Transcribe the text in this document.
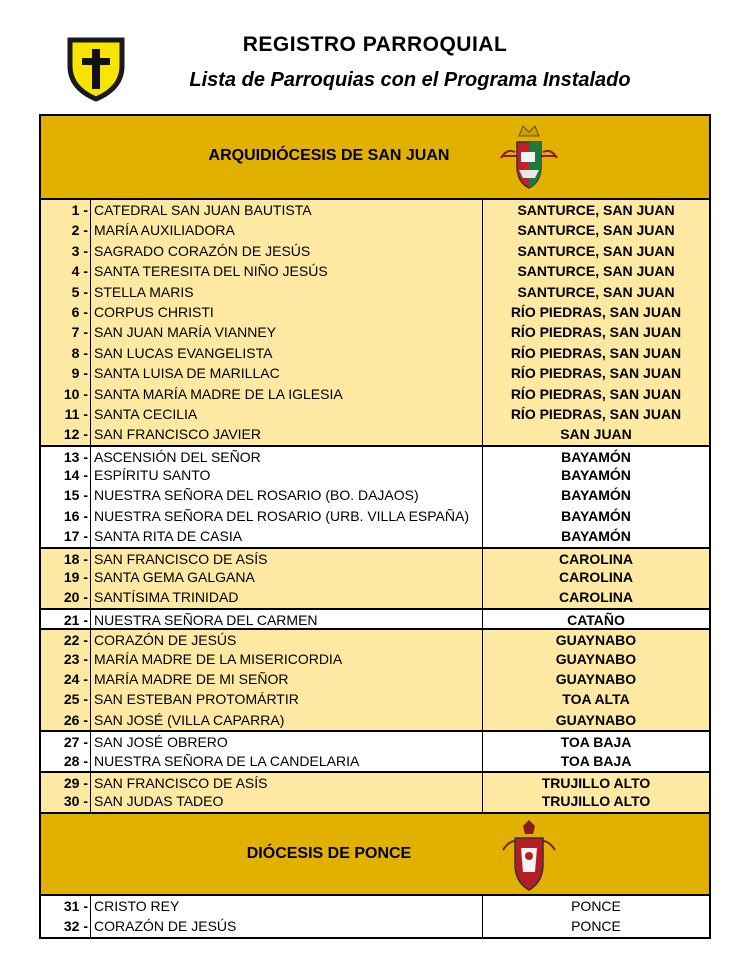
REGISTRO PARROQUIAL
Lista de Parroquias con el Programa Instalado
ARQUIDIÓCESIS DE SAN JUAN
1 - CATEDRAL SAN JUAN BAUTISTA	SANTURCE, SAN JUAN
2 - MARÍA AUXILIADORA	SANTURCE, SAN JUAN
3 - SAGRADO CORAZÓN DE JESÚS	SANTURCE, SAN JUAN
4 - SANTA TERESITA DEL NIÑO JESÚS	SANTURCE, SAN JUAN
5 - STELLA MARIS	SANTURCE, SAN JUAN
6 - CORPUS CHRISTI	RÍO PIEDRAS, SAN JUAN
7 - SAN JUAN MARÍA VIANNEY	RÍO PIEDRAS, SAN JUAN
8 - SAN LUCAS EVANGELISTA	RÍO PIEDRAS, SAN JUAN
9 - SANTA LUISA DE MARILLAC	RÍO PIEDRAS, SAN JUAN
10 - SANTA MARÍA MADRE DE LA IGLESIA	RÍO PIEDRAS, SAN JUAN
11 - SANTA CECILIA	RÍO PIEDRAS, SAN JUAN
12 - SAN FRANCISCO JAVIER	SAN JUAN
13 - ASCENSIÓN DEL SEÑOR	BAYAMÓN
14 - ESPÍRITU SANTO	BAYAMÓN
15 - NUESTRA SEÑORA DEL ROSARIO (BO. DAJAOS)	BAYAMÓN
16 - NUESTRA SEÑORA DEL ROSARIO (URB. VILLA ESPAÑA)	BAYAMÓN
17 - SANTA RITA DE CASIA	BAYAMÓN
18 - SAN FRANCISCO DE ASÍS	CAROLINA
19 - SANTA GEMA GALGANA	CAROLINA
20 - SANTÍSIMA TRINIDAD	CAROLINA
21 - NUESTRA SEÑORA DEL CARMEN	CATAÑO
22 - CORAZÓN DE JESÚS	GUAYNABO
23 - MARÍA MADRE DE LA MISERICORDIA	GUAYNABO
24 - MARÍA MADRE DE MI SEÑOR	GUAYNABO
25 - SAN ESTEBAN PROTOMÁRTIR	TOA ALTA
26 - SAN JOSÉ (VILLA CAPARRA)	GUAYNABO
27 - SAN JOSÉ OBRERO	TOA BAJA
28 - NUESTRA SEÑORA DE LA CANDELARIA	TOA BAJA
29 - SAN FRANCISCO DE ASÍS	TRUJILLO ALTO
30 - SAN JUDAS TADEO	TRUJILLO ALTO
DIÓCESIS DE PONCE
31 - CRISTO REY	PONCE
32 - CORAZÓN DE JESÚS	PONCE
